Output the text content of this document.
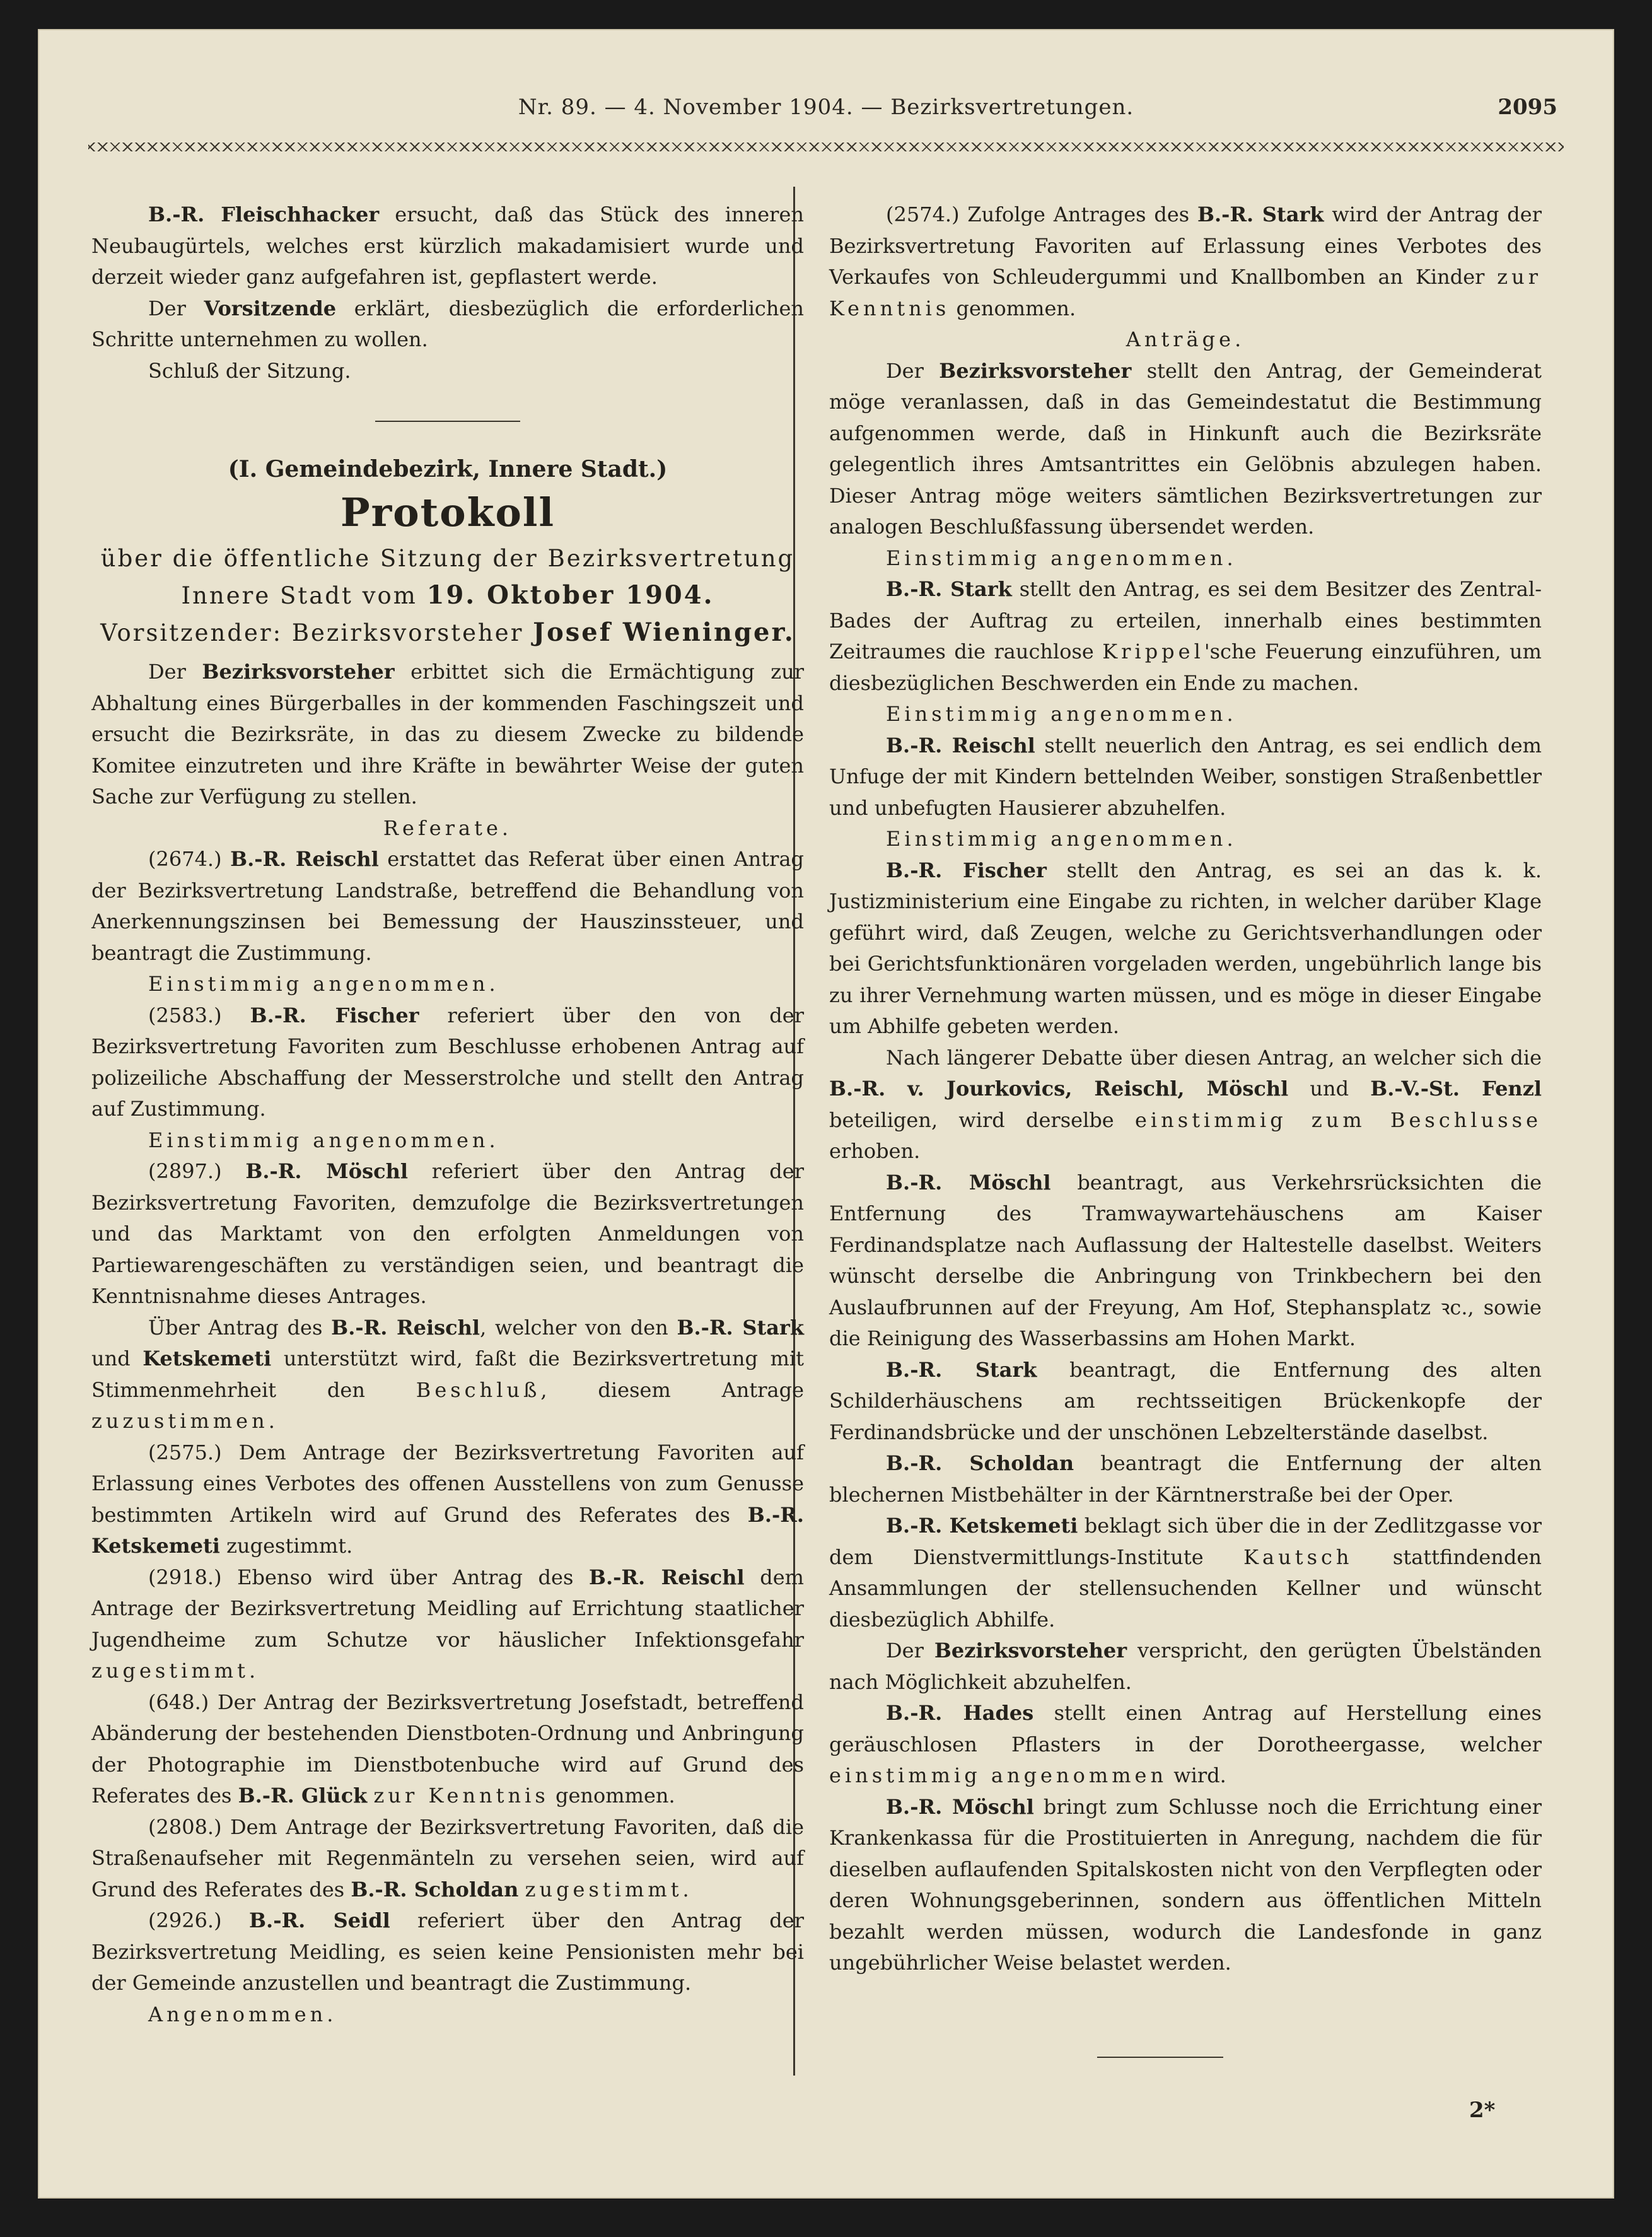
Nr. 89. — 4. November 1904. — Bezirksvertretungen.	2095

B.-R. Fleischhacker ersucht, daß das Stück des inneren Neubaugürtels, welches erst kürzlich makadamisiert wurde und derzeit wieder ganz aufgefahren ist, gepflastert werde.

Der Vorsitzende erklärt, diesbezüglich die erforderlichen Schritte unternehmen zu wollen.

Schluß der Sitzung.

(I. Gemeindebezirk, Innere Stadt.)
Protokoll
über die öffentliche Sitzung der Bezirksvertretung
Innere Stadt vom 19. Oktober 1904.
Vorsitzender: Bezirksvorsteher Josef Wieninger.

Der Bezirksvorsteher erbittet sich die Ermächtigung zur Abhaltung eines Bürgerballes in der kommenden Faschingszeit und ersucht die Bezirksräte, in das zu diesem Zwecke zu bildende Komitee einzutreten und ihre Kräfte in bewährter Weise der guten Sache zur Verfügung zu stellen.

Referate.

(2674.) B.-R. Reischl erstattet das Referat über einen Antrag der Bezirksvertretung Landstraße, betreffend die Behandlung von Anerkennungszinsen bei Bemessung der Hauszinssteuer, und beantragt die Zustimmung.

Einstimmig angenommen.

(2583.) B.-R. Fischer referiert über den von der Bezirksvertretung Favoriten zum Beschlusse erhobenen Antrag auf polizeiliche Abschaffung der Messerstrolche und stellt den Antrag auf Zustimmung.

Einstimmig angenommen.

(2897.) B.-R. Möschl referiert über den Antrag der Bezirksvertretung Favoriten, demzufolge die Bezirksvertretungen und das Marktamt von den erfolgten Anmeldungen von Partiewarengeschäften zu verständigen seien, und beantragt die Kenntnisnahme dieses Antrages.

Über Antrag des B.-R. Reischl, welcher von den B.-R. Stark und Ketskemeti unterstützt wird, faßt die Bezirksvertretung mit Stimmenmehrheit den Beschluß, diesem Antrage zuzustimmen.

(2575.) Dem Antrage der Bezirksvertretung Favoriten auf Erlassung eines Verbotes des offenen Ausstellens von zum Genusse bestimmten Artikeln wird auf Grund des Referates des B.-R. Ketskemeti zugestimmt.

(2918.) Ebenso wird über Antrag des B.-R. Reischl dem Antrage der Bezirksvertretung Meidling auf Errichtung staatlicher Jugendheime zum Schutze vor häuslicher Infektionsgefahr zugestimmt.

(648.) Der Antrag der Bezirksvertretung Josefstadt, betreffend Abänderung der bestehenden Dienstboten-Ordnung und Anbringung der Photographie im Dienstbotenbuche wird auf Grund des Referates des B.-R. Glück zur Kenntnis genommen.

(2808.) Dem Antrage der Bezirksvertretung Favoriten, daß die Straßenaufseher mit Regenmänteln zu versehen seien, wird auf Grund des Referates des B.-R. Scholdan zugestimmt.

(2926.) B.-R. Seidl referiert über den Antrag der Bezirksvertretung Meidling, es seien keine Pensionisten mehr bei der Gemeinde anzustellen und beantragt die Zustimmung.

Angenommen.

(2574.) Zufolge Antrages des B.-R. Stark wird der Antrag der Bezirksvertretung Favoriten auf Erlassung eines Verbotes des Verkaufes von Schleudergummi und Knallbomben an Kinder zur Kenntnis genommen.

Anträge.

Der Bezirksvorsteher stellt den Antrag, der Gemeinderat möge veranlassen, daß in das Gemeindestatut die Bestimmung aufgenommen werde, daß in Hinkunft auch die Bezirksräte gelegentlich ihres Amtsantrittes ein Gelöbnis abzulegen haben. Dieser Antrag möge weiters sämtlichen Bezirksvertretungen zur analogen Beschlußfassung übersendet werden.

Einstimmig angenommen.

B.-R. Stark stellt den Antrag, es sei dem Besitzer des Zentral-Bades der Auftrag zu erteilen, innerhalb eines bestimmten Zeitraumes die rauchlose Krippel'sche Feuerung einzuführen, um diesbezüglichen Beschwerden ein Ende zu machen.

Einstimmig angenommen.

B.-R. Reischl stellt neuerlich den Antrag, es sei endlich dem Unfuge der mit Kindern bettelnden Weiber, sonstigen Straßenbettler und unbefugten Hausierer abzuhelfen.

Einstimmig angenommen.

B.-R. Fischer stellt den Antrag, es sei an das k. k. Justizministerium eine Eingabe zu richten, in welcher darüber Klage geführt wird, daß Zeugen, welche zu Gerichtsverhandlungen oder bei Gerichtsfunktionären vorgeladen werden, ungebührlich lange bis zu ihrer Vernehmung warten müssen, und es möge in dieser Eingabe um Abhilfe gebeten werden.

Nach längerer Debatte über diesen Antrag, an welcher sich die B.-R. v. Jourkovics, Reischl, Möschl und B.-V.-St. Fenzl beteiligen, wird derselbe einstimmig zum Beschlusse erhoben.

B.-R. Möschl beantragt, aus Verkehrsrücksichten die Entfernung des Tramwaywartehäuschens am Kaiser Ferdinandsplatze nach Auflassung der Haltestelle daselbst. Weiters wünscht derselbe die Anbringung von Trinkbechern bei den Auslaufbrunnen auf der Freyung, Am Hof, Stephansplatz ꝛc., sowie die Reinigung des Wasserbassins am Hohen Markt.

B.-R. Stark beantragt, die Entfernung des alten Schilderhäuschens am rechtsseitigen Brückenkopfe der Ferdinandsbrücke und der unschönen Lebzelterstände daselbst.

B.-R. Scholdan beantragt die Entfernung der alten blechernen Mistbehälter in der Kärntnerstraße bei der Oper.

B.-R. Ketskemeti beklagt sich über die in der Zedlitzgasse vor dem Dienstvermittlungs-Institute Kautsch stattfindenden Ansammlungen der stellensuchenden Kellner und wünscht diesbezüglich Abhilfe.

Der Bezirksvorsteher verspricht, den gerügten Übelständen nach Möglichkeit abzuhelfen.

B.-R. Hades stellt einen Antrag auf Herstellung eines geräuschlosen Pflasters in der Dorotheergasse, welcher einstimmig angenommen wird.

B.-R. Möschl bringt zum Schlusse noch die Errichtung einer Krankenkassa für die Prostituierten in Anregung, nachdem die für dieselben auflaufenden Spitalskosten nicht von den Verpflegten oder deren Wohnungsgeberinnen, sondern aus öffentlichen Mitteln bezahlt werden müssen, wodurch die Landesfonde in ganz ungebührlicher Weise belastet werden.

2*
